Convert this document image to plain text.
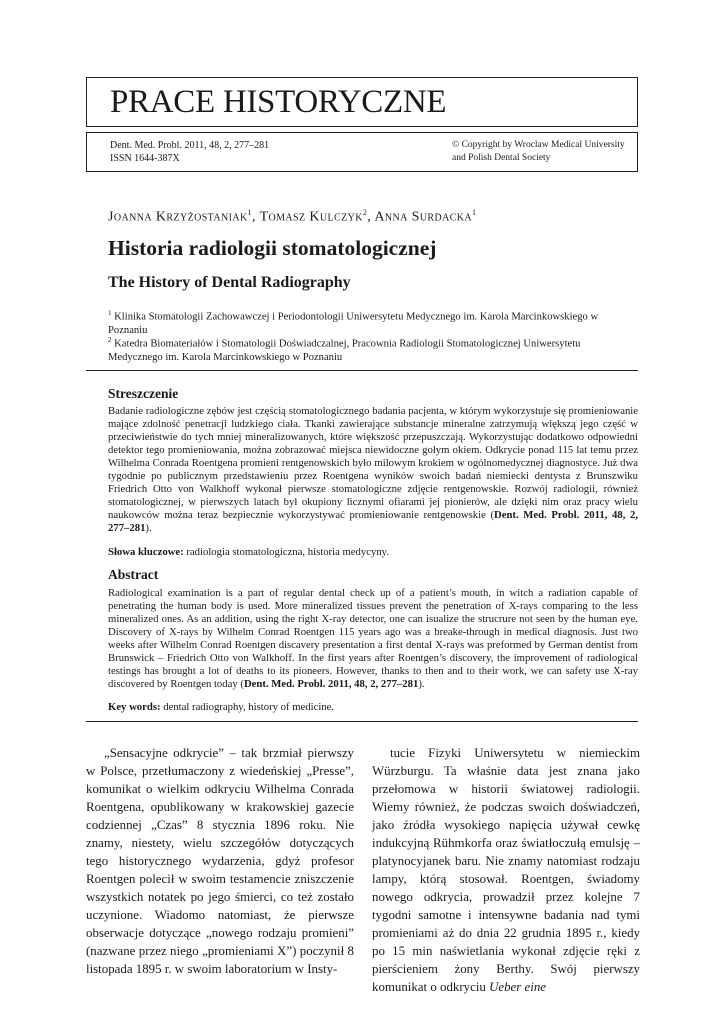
PRACE HISTORYCZNE
Dent. Med. Probl. 2011, 48, 2, 277–281
ISSN 1644-387X
© Copyright by Wroclaw Medical University
and Polish Dental Society
Joanna Krzyżostaniak$^1$, Tomasz Kulczyk$^2$, Anna Surdacka$^1$
Historia radiologii stomatologicznej
The History of Dental Radiography
$^1$ Klinika Stomatologii Zachowawczej i Periodontologii Uniwersytetu Medycznego im. Karola Marcinkowskiego w Poznaniu
$^2$ Katedra Biomateriałów i Stomatologii Doświadczalnej, Pracownia Radiologii Stomatologicznej Uniwersytetu Medycznego im. Karola Marcinkowskiego w Poznaniu
Streszczenie
Badanie radiologiczne zębów jest częścią stomatologicznego badania pacjenta, w którym wykorzystuje się promieniowanie mające zdolność penetracji ludzkiego ciała. Tkanki zawierające substancje mineralne zatrzymują większą jego część w przeciwieństwie do tych mniej mineralizowanych, które większość przepuszczają. Wykorzystując dodatkowo odpowiedni detektor tego promieniowania, można zobrazować miejsca niewidoczne gołym okiem. Odkrycie ponad 115 lat temu przez Wilhelma Conrada Roentgena promieni rentgenowskich było milowym krokiem w ogólnomedycznej diagnostyce. Już dwa tygodnie po publicznym przedstawieniu przez Roentgena wyników swoich badań niemiecki dentysta z Brunszwiku Friedrich Otto von Walkhoff wykonał pierwsze stomatologiczne zdjęcie rentgenowskie. Rozwój radiologii, również stomatologicznej, w pierwszych latach był okupiony licznymi ofiarami jej pionierów, ale dzięki nim oraz pracy wielu naukowców można teraz bezpiecznie wykorzystywać promieniowanie rentgenowskie (Dent. Med. Probl. 2011, 48, 2, 277–281).
Słowa kluczowe: radiologia stomatologiczna, historia medycyny.
Abstract
Radiological examination is a part of regular dental check up of a patient’s mouth, in witch a radiation capable of penetrating the human body is used. More mineralized tissues prevent the penetration of X-rays comparing to the less mineralized ones. As an addition, using the right X-ray detector, one can isualize the strucrure not seen by the human eye. Discovery of X-rays by Wilhelm Conrad Roentgen 115 years ago was a breake-through in medical diagnosis. Just two weeks after Wilhelm Conrad Roentgen discavery presentation a first dental X-rays was preformed by German dentist from Brunswick – Friedrich Otto von Walkhoff. In the first years after Roentgen’s discovery, the improvement of radiological testings has brought a lot of deaths to its pioneers. However, thanks to then and to their work, we can safety use X-ray discovered by Roentgen today (Dent. Med. Probl. 2011, 48, 2, 277–281).
Key words: dental radiography, history of medicine.
„Sensacyjne odkrycie” – tak brzmiał pierwszy w Polsce, przetłumaczony z wiedeńskiej „Presse”, komunikat o wielkim odkryciu Wilhelma Conrada Roentgena, opublikowany w krakowskiej gazecie codziennej „Czas” 8 stycznia 1896 roku. Nie znamy, niestety, wielu szczegółów dotyczących tego historycznego wydarzenia, gdyż profesor Roentgen polecił w swoim testamencie zniszczenie wszystkich notatek po jego śmierci, co też zostało uczynione. Wiadomo natomiast, że pierwsze obserwacje dotyczące „nowego rodzaju promieni” (nazwane przez niego „promieniami X”) poczynił 8 listopada 1895 r. w swoim laboratorium w Insty-
tucie Fizyki Uniwersytetu w niemieckim Würzburgu. Ta właśnie data jest znana jako przełomowa w historii światowej radiologii. Wiemy również, że podczas swoich doświadczeń, jako źródła wysokiego napięcia używał cewkę indukcyjną Rühmkorfa oraz światłoczułą emulsję – platynocyjanek baru. Nie znamy natomiast rodzaju lampy, którą stosował. Roentgen, świadomy nowego odkrycia, prowadził przez kolejne 7 tygodni samotne i intensywne badania nad tymi promieniami aż do dnia 22 grudnia 1895 r., kiedy po 15 min naświetlania wykonał zdjęcie ręki z pierścieniem żony Berthy. Swój pierwszy komunikat o odkryciu Ueber eine
